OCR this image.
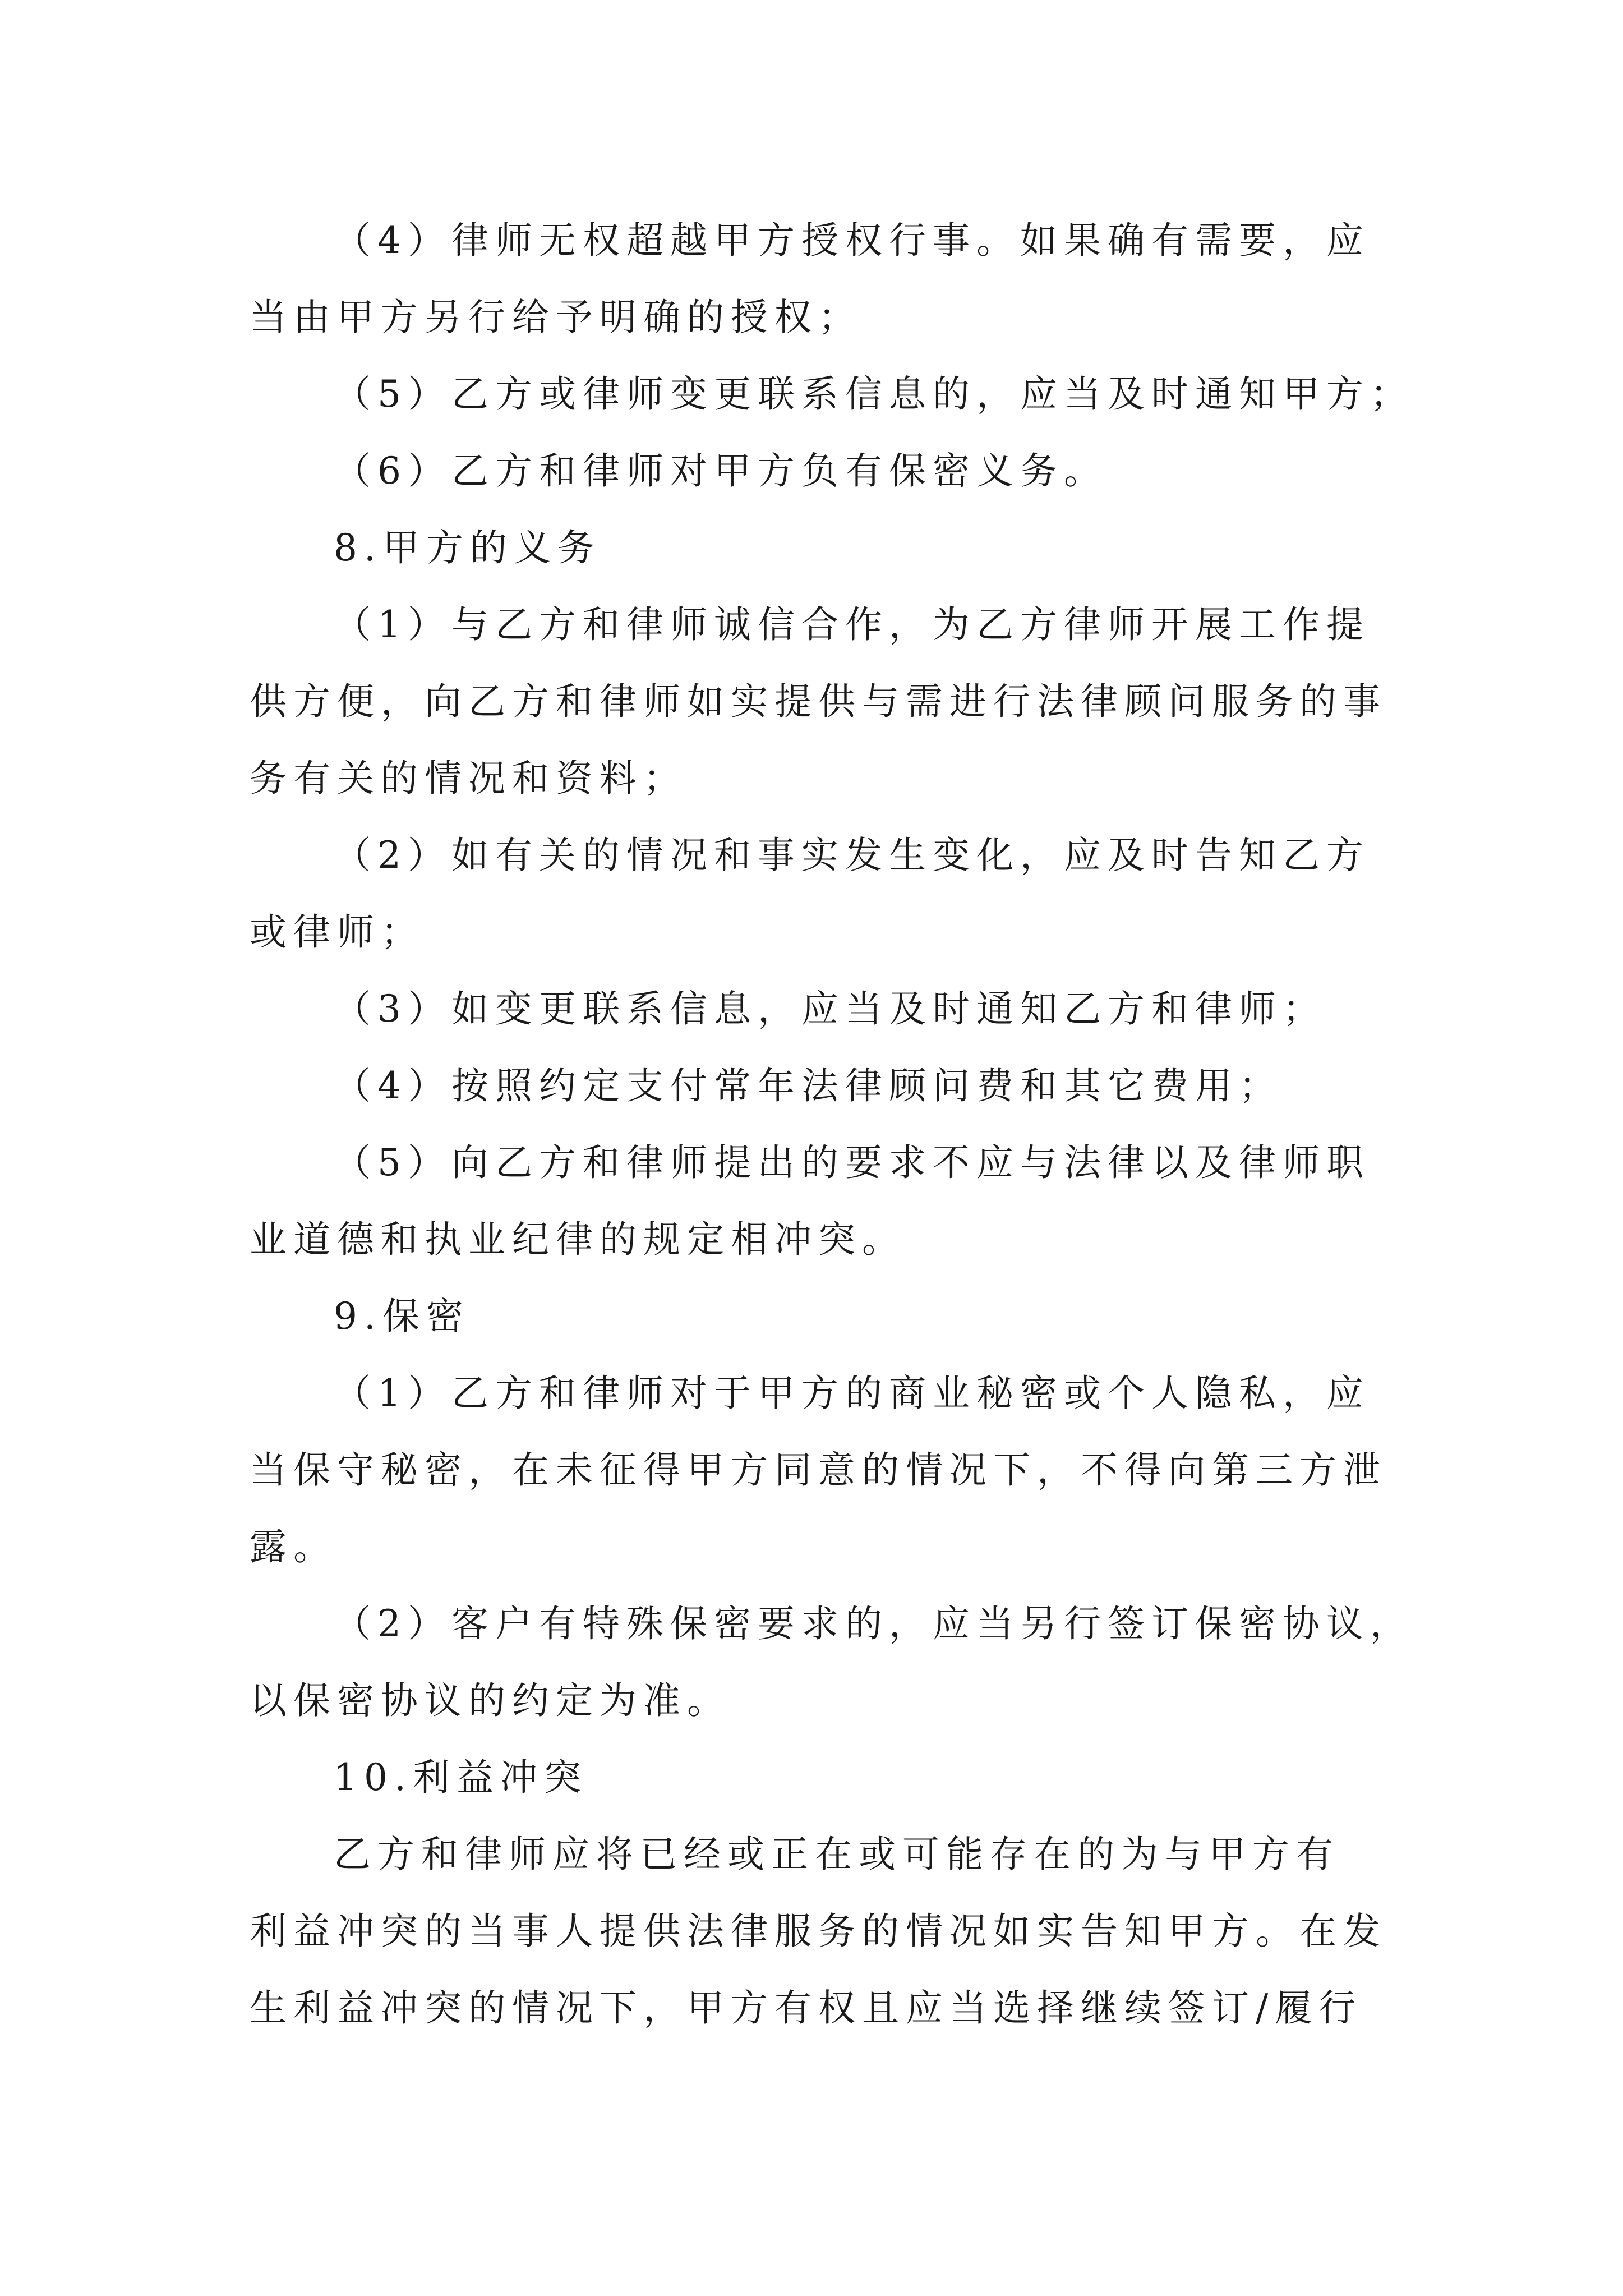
（4）律师无权超越甲方授权行事。如果确有需要，应
当由甲方另行给予明确的授权；
（5）乙方或律师变更联系信息的，应当及时通知甲方；
（6）乙方和律师对甲方负有保密义务。
8.甲方的义务
（1）与乙方和律师诚信合作，为乙方律师开展工作提
供方便，向乙方和律师如实提供与需进行法律顾问服务的事
务有关的情况和资料；
（2）如有关的情况和事实发生变化，应及时告知乙方
或律师；
（3）如变更联系信息，应当及时通知乙方和律师；
（4）按照约定支付常年法律顾问费和其它费用；
（5）向乙方和律师提出的要求不应与法律以及律师职
业道德和执业纪律的规定相冲突。
9.保密
（1）乙方和律师对于甲方的商业秘密或个人隐私，应
当保守秘密，在未征得甲方同意的情况下，不得向第三方泄
露。
（2）客户有特殊保密要求的，应当另行签订保密协议，
以保密协议的约定为准。
10.利益冲突
乙方和律师应将已经或正在或可能存在的为与甲方有
利益冲突的当事人提供法律服务的情况如实告知甲方。在发
生利益冲突的情况下，甲方有权且应当选择继续签订/履行
